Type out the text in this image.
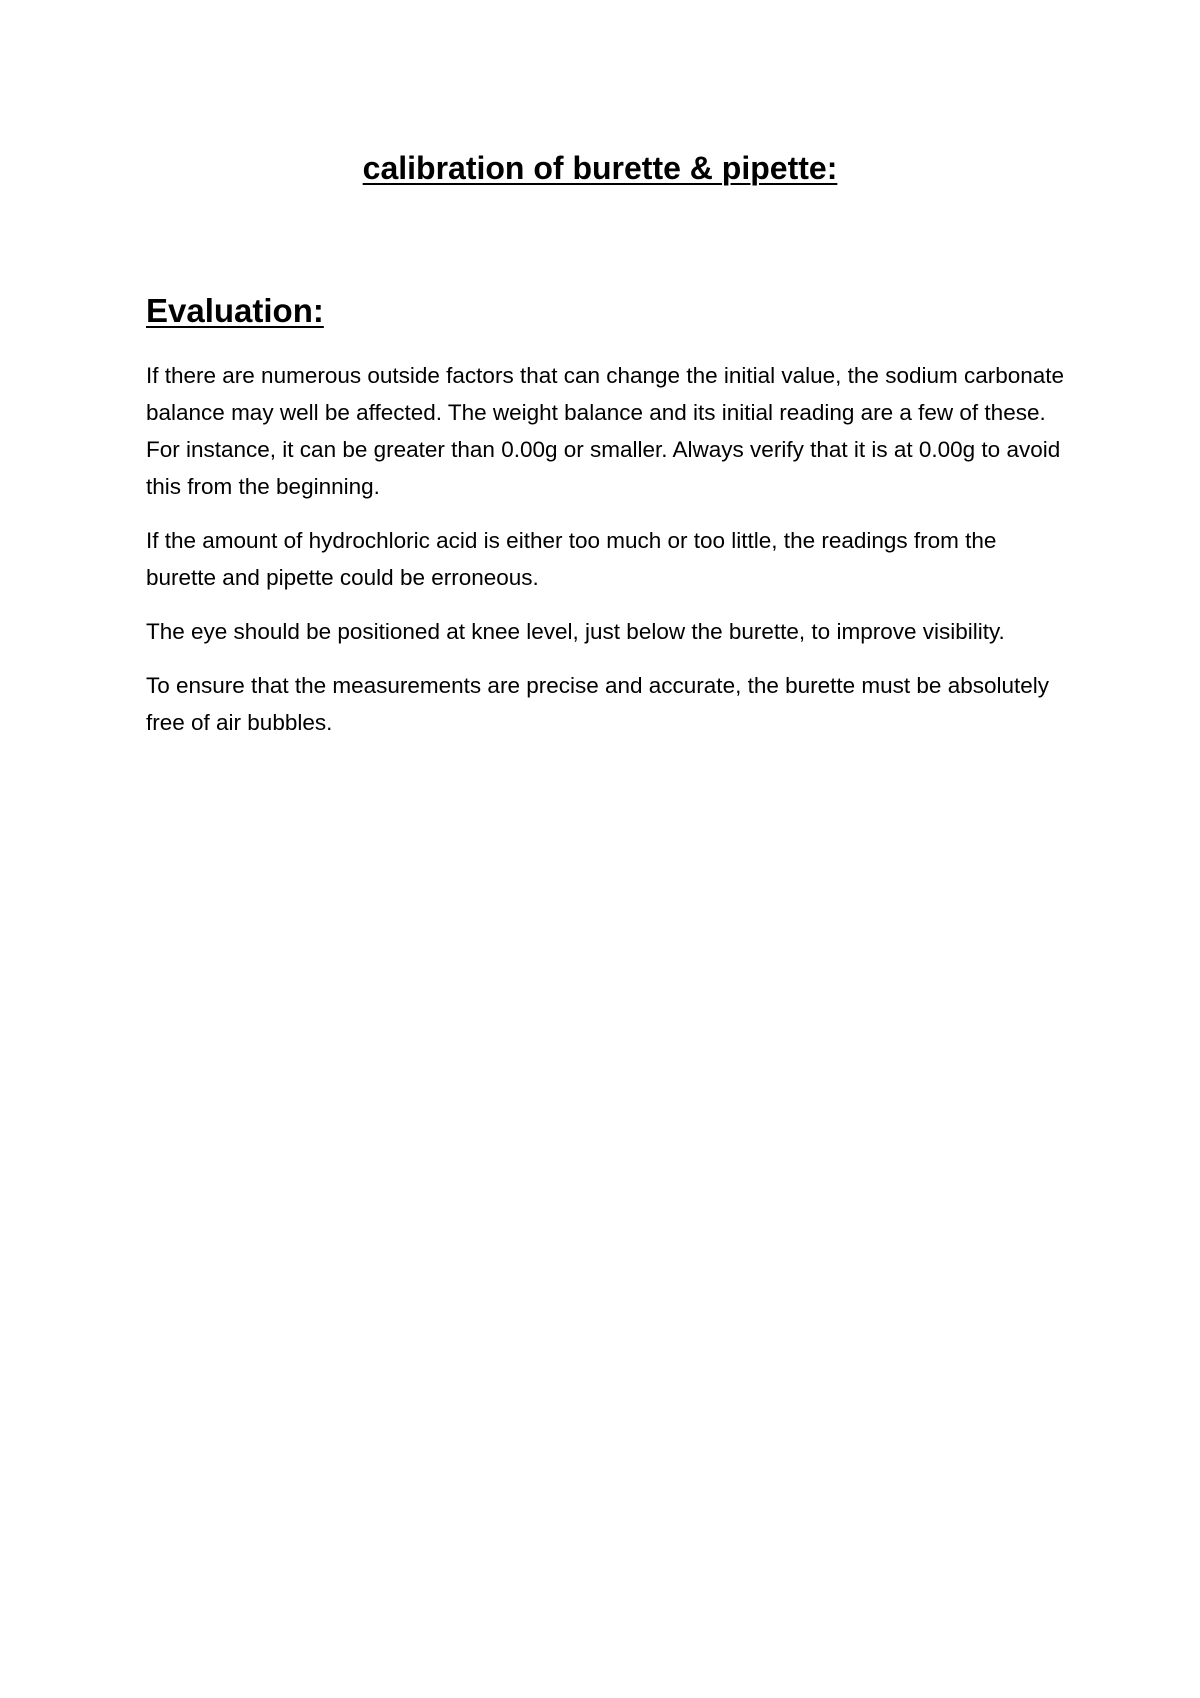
calibration of burette & pipette:
Evaluation:

If there are numerous outside factors that can change the initial value, the sodium carbonate balance may well be affected. The weight balance and its initial reading are a few of these. For instance, it can be greater than 0.00g or smaller. Always verify that it is at 0.00g to avoid this from the beginning.

If the amount of hydrochloric acid is either too much or too little, the readings from the burette and pipette could be erroneous.

The eye should be positioned at knee level, just below the burette, to improve visibility.

To ensure that the measurements are precise and accurate, the burette must be absolutely free of air bubbles.
